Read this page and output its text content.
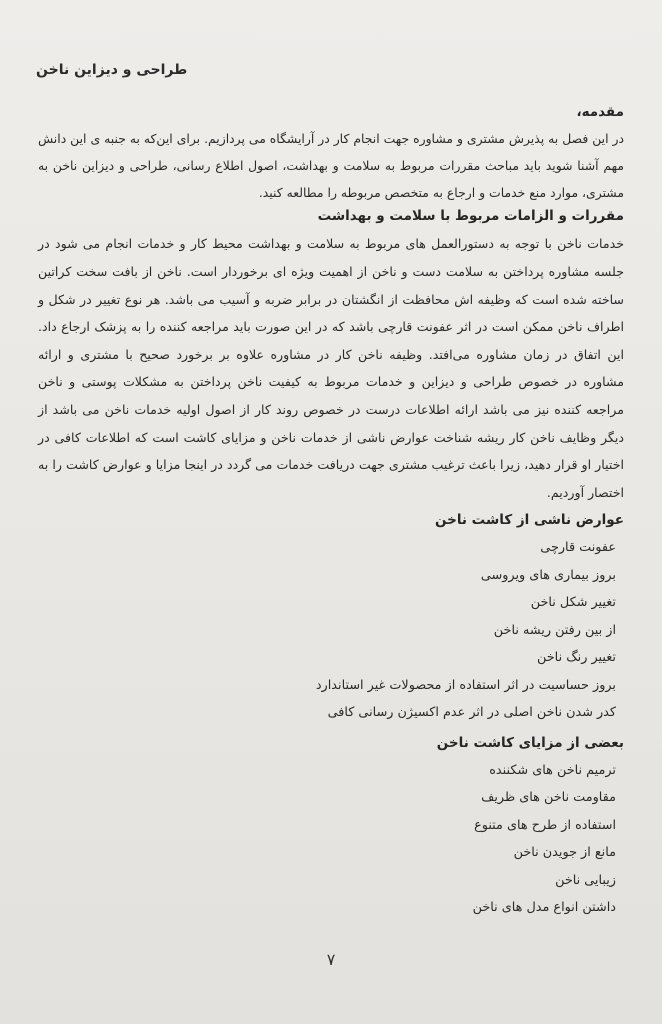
طراحی و دیزاین ناخن
مقدمه،

در این فصل به پذیرش مشتری و مشاوره جهت انجام کار در آرایشگاه می پردازیم. برای این‌که به جنبه ی این دانش مهم آشنا شوید باید مباحث مقررات مربوط به سلامت و بهداشت، اصول اطلاع رسانی، طراحی و دیزاین ناخن به مشتری، موارد منع خدمات و ارجاع به متخصص مربوطه را مطالعه کنید.

مقررات و الزامات مربوط با سلامت و بهداشت

خدمات ناخن با توجه به دستورالعمل های مربوط به سلامت و بهداشت محیط کار و خدمات انجام می شود در جلسه مشاوره پرداختن به سلامت دست و ناخن از اهمیت ویژه ای برخوردار است. ناخن از بافت سخت کراتین ساخته شده است که وظیفه اش محافظت از انگشتان در برابر ضربه و آسیب می باشد. هر نوع تغییر در شکل و اطراف ناخن ممکن است در اثر عفونت قارچی باشد که در این صورت باید مراجعه کننده را به پزشک ارجاع داد. این اتفاق در زمان مشاوره می‌افتد. وظیفه ناخن کار در مشاوره علاوه بر برخورد صحیح با مشتری و ارائه مشاوره در خصوص طراحی و دیزاین و خدمات مربوط به کیفیت ناخن پرداختن به مشکلات پوستی و ناخن مراجعه کننده نیز می باشد ارائه اطلاعات درست در خصوص روند کار از اصول اولیه خدمات ناخن می باشد از دیگر وظایف ناخن کار ریشه شناخت عوارض ناشی از خدمات ناخن و مزایای کاشت است که اطلاعات کافی در اختیار او قرار دهید، زیرا باعث ترغیب مشتری جهت دریافت خدمات می گردد در اینجا مزایا و عوارض کاشت را به اختصار آوردیم.

عوارض ناشی از کاشت ناخن
عفونت قارچی
بروز بیماری های ویروسی
تغییر شکل ناخن
از بین رفتن ریشه ناخن
تغییر رنگ ناخن
بروز حساسیت در اثر استفاده از محصولات غیر استاندارد
کدر شدن ناخن اصلی در اثر عدم اکسیژن رسانی کافی
بعضی از مزایای کاشت ناخن
ترمیم ناخن های شکننده
مقاومت ناخن های ظریف
استفاده از طرح های متنوع
مانع از جویدن ناخن
زیبایی ناخن
داشتن انواع مدل های ناخن
۷
